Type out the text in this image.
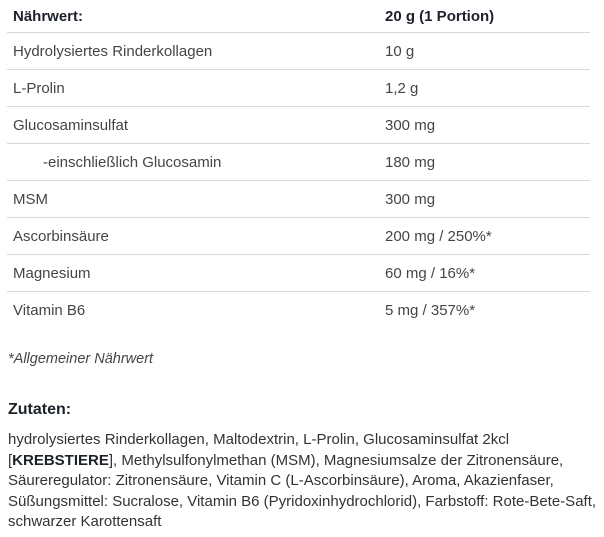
Nährwert:	20 g (1 Portion)
Hydrolysiertes Rinderkollagen	10 g
L-Prolin	1,2 g
Glucosaminsulfat	300 mg
-einschließlich Glucosamin	180 mg
MSM	300 mg
Ascorbinsäure	200 mg / 250%*
Magnesium	60 mg / 16%*
Vitamin B6	5 mg / 357%*

*Allgemeiner Nährwert

Zutaten:

hydrolysiertes Rinderkollagen, Maltodextrin, L-Prolin, Glucosaminsulfat 2kcl [KREBSTIERE], Methylsulfonylmethan (MSM), Magnesiumsalze der Zitronensäure, Säureregulator: Zitronensäure, Vitamin C (L-Ascorbinsäure), Aroma, Akazienfaser, Süßungsmittel: Sucralose, Vitamin B6 (Pyridoxinhydrochlorid), Farbstoff: Rote-Bete-Saft, schwarzer Karottensaft
